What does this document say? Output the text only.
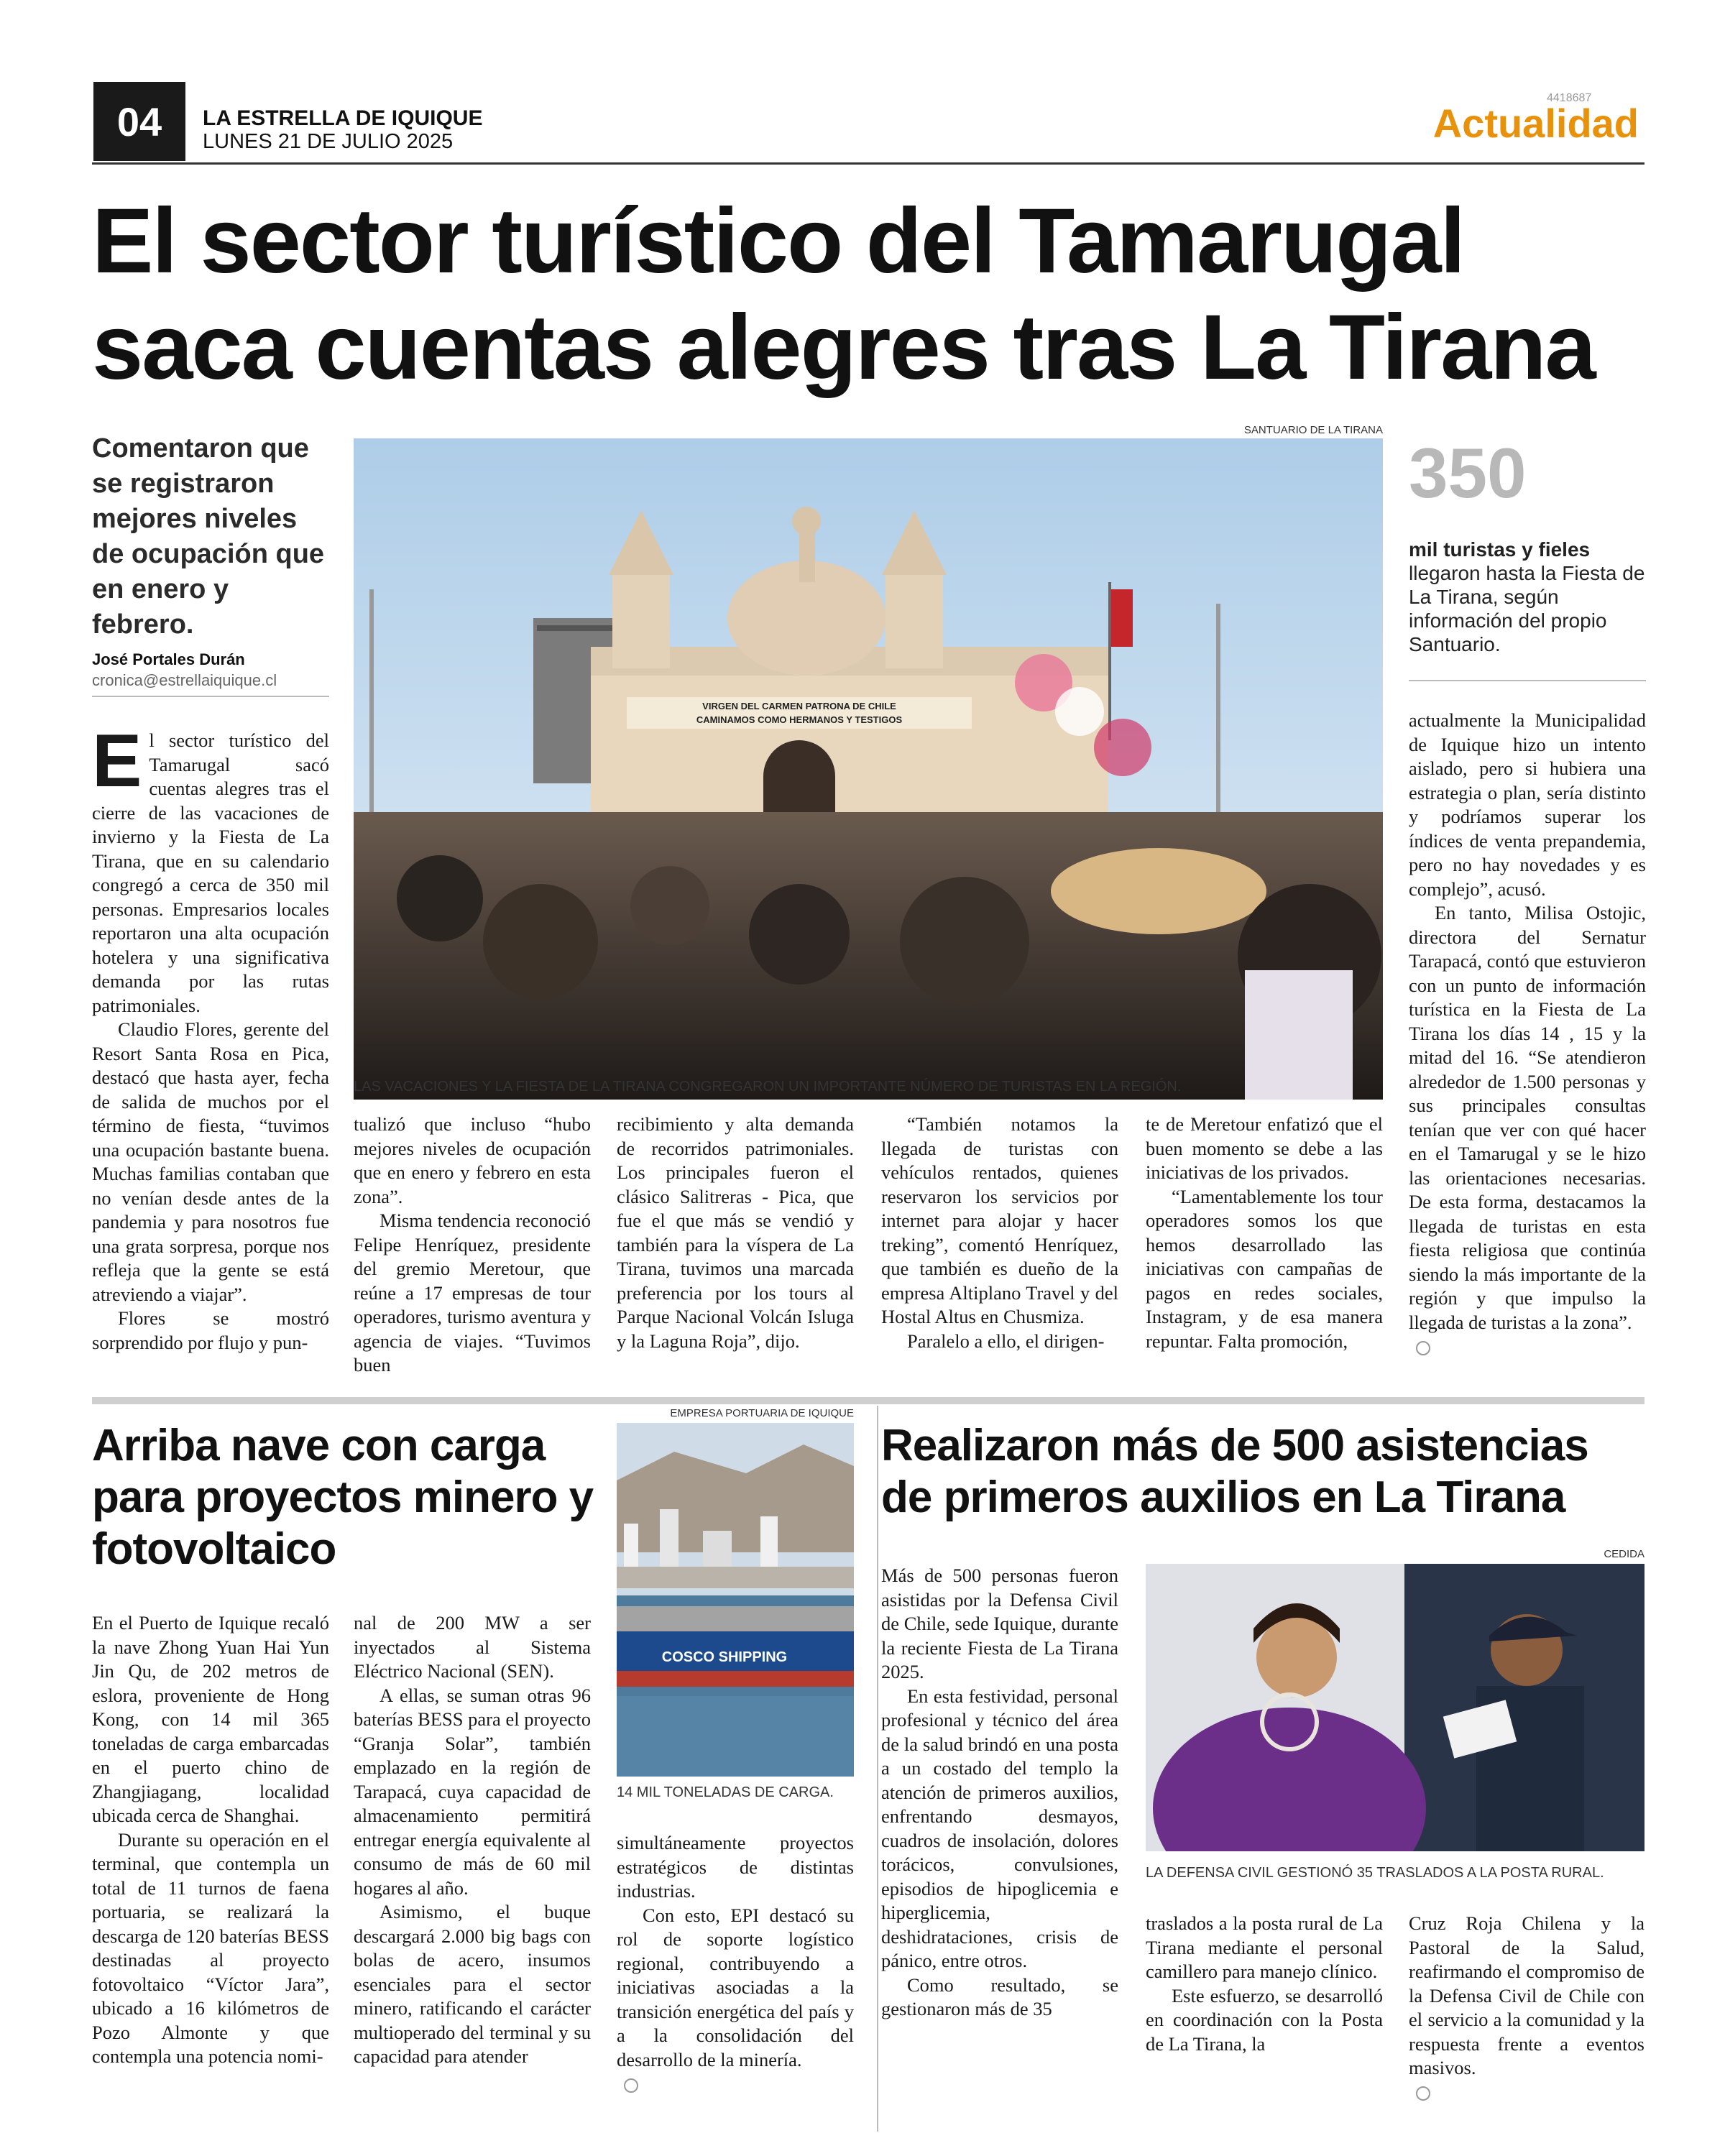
04	LA ESTRELLA DE IQUIQUE
LUNES 21 DE JULIO 2025
4418687
Actualidad
El sector turístico del Tamarugal saca cuentas alegres tras La Tirana
Comentaron que se registraron mejores niveles de ocupación que en enero y febrero.
José Portales Durán
cronica@estrellaiquique.cl
SANTUARIO DE LA TIRANA
VIRGEN DEL CARMEN PATRONA DE CHILE
CAMINAMOS COMO HERMANOS Y TESTIGOS
LAS VACACIONES Y LA FIESTA DE LA TIRANA CONGREGARON UN IMPORTANTE NÚMERO DE TURISTAS EN LA REGIÓN.
350
mil turistas y fieles llegaron hasta la Fiesta de La Tirana, según información del propio Santuario.
E l sector turístico del Tamarugal sacó cuentas alegres tras el cierre de las vacaciones de invierno y la Fiesta de La Tirana, que en su calendario congregó a cerca de 350 mil personas. Empresarios locales reportaron una alta ocupación hotelera y una significativa demanda por las rutas patrimoniales.

Claudio Flores, gerente del Resort Santa Rosa en Pica, destacó que hasta ayer, fecha de salida de muchos por el término de fiesta, “tuvimos una ocupación bastante buena. Muchas familias contaban que no venían desde antes de la pandemia y para nosotros fue una grata sorpresa, porque nos refleja que la gente se está atreviendo a viajar”.

Flores se mostró sorprendido por flujo y pun-

tualizó que incluso “hubo mejores niveles de ocupación que en enero y febrero en esta zona”.

Misma tendencia reconoció Felipe Henríquez, presidente del gremio Meretour, que reúne a 17 empresas de tour operadores, turismo aventura y agencia de viajes. “Tuvimos buen

recibimiento y alta demanda de recorridos patrimoniales. Los principales fueron el clásico Salitreras - Pica, que fue el que más se vendió y también para la víspera de La Tirana, tuvimos una marcada preferencia por los tours al Parque Nacional Volcán Isluga y la Laguna Roja”, dijo.

“También notamos la llegada de turistas con vehículos rentados, quienes reservaron los servicios por internet para alojar y hacer treking”, comentó Henríquez, que también es dueño de la empresa Altiplano Travel y del Hostal Altus en Chusmiza.

Paralelo a ello, el dirigen-

te de Meretour enfatizó que el buen momento se debe a las iniciativas de los privados.

“Lamentablemente los tour operadores somos los que hemos desarrollado las iniciativas con campañas de pagos en redes sociales, Instagram, y de esa manera repuntar. Falta promoción,

actualmente la Municipalidad de Iquique hizo un intento aislado, pero si hubiera una estrategia o plan, sería distinto y podríamos superar los índices de venta prepandemia, pero no hay novedades y es complejo”, acusó.

En tanto, Milisa Ostojic, directora del Sernatur Tarapacá, contó que estuvieron con un punto de información turística en la Fiesta de La Tirana los días 14 , 15 y la mitad del 16. “Se atendieron alrededor de 1.500 personas y sus principales consultas tenían que ver con qué hacer en el Tamarugal y se le hizo las orientaciones necesarias. De esta forma, destacamos la llegada de turistas en esta fiesta religiosa que continúa siendo la más importante de la región y que impulso la llegada de turistas a la zona”.

Arriba nave con carga para proyectos minero y fotovoltaico
EMPRESA PORTUARIA DE IQUIQUE
COSCO SHIPPING
14 MIL TONELADAS DE CARGA.

En el Puerto de Iquique recaló la nave Zhong Yuan Hai Yun Jin Qu, de 202 metros de eslora, proveniente de Hong Kong, con 14 mil 365 toneladas de carga embarcadas en el puerto chino de Zhangjiagang, localidad ubicada cerca de Shanghai.

Durante su operación en el terminal, que contempla un total de 11 turnos de faena portuaria, se realizará la descarga de 120 baterías BESS destinadas al proyecto fotovoltaico “Víctor Jara”, ubicado a 16 kilómetros de Pozo Almonte y que contempla una potencia nomi-

nal de 200 MW a ser inyectados al Sistema Eléctrico Nacional (SEN).

A ellas, se suman otras 96 baterías BESS para el proyecto “Granja Solar”, también emplazado en la región de Tarapacá, cuya capacidad de almacenamiento permitirá entregar energía equivalente al consumo de más de 60 mil hogares al año.

Asimismo, el buque descargará 2.000 big bags con bolas de acero, insumos esenciales para el sector minero, ratificando el carácter multioperado del terminal y su capacidad para atender

simultáneamente proyectos estratégicos de distintas industrias.

Con esto, EPI destacó su rol de soporte logístico regional, contribuyendo a iniciativas asociadas a la transición energética del país y a la consolidación del desarrollo de la minería.

Realizaron más de 500 asistencias de primeros auxilios en La Tirana
CEDIDA
LA DEFENSA CIVIL GESTIONÓ 35 TRASLADOS A LA POSTA RURAL.

Más de 500 personas fueron asistidas por la Defensa Civil de Chile, sede Iquique, durante la reciente Fiesta de La Tirana 2025.

En esta festividad, personal profesional y técnico del área de la salud brindó en una posta a un costado del templo la atención de primeros auxilios, enfrentando desmayos, cuadros de insolación, dolores torácicos, convulsiones, episodios de hipoglicemia e hiperglicemia, deshidrataciones, crisis de pánico, entre otros.

Como resultado, se gestionaron más de 35

traslados a la posta rural de La Tirana mediante el personal camillero para manejo clínico.

Este esfuerzo, se desarrolló en coordinación con la Posta de La Tirana, la

Cruz Roja Chilena y la Pastoral de la Salud, reafirmando el compromiso de la Defensa Civil de Chile con el servicio a la comunidad y la respuesta frente a eventos masivos.
